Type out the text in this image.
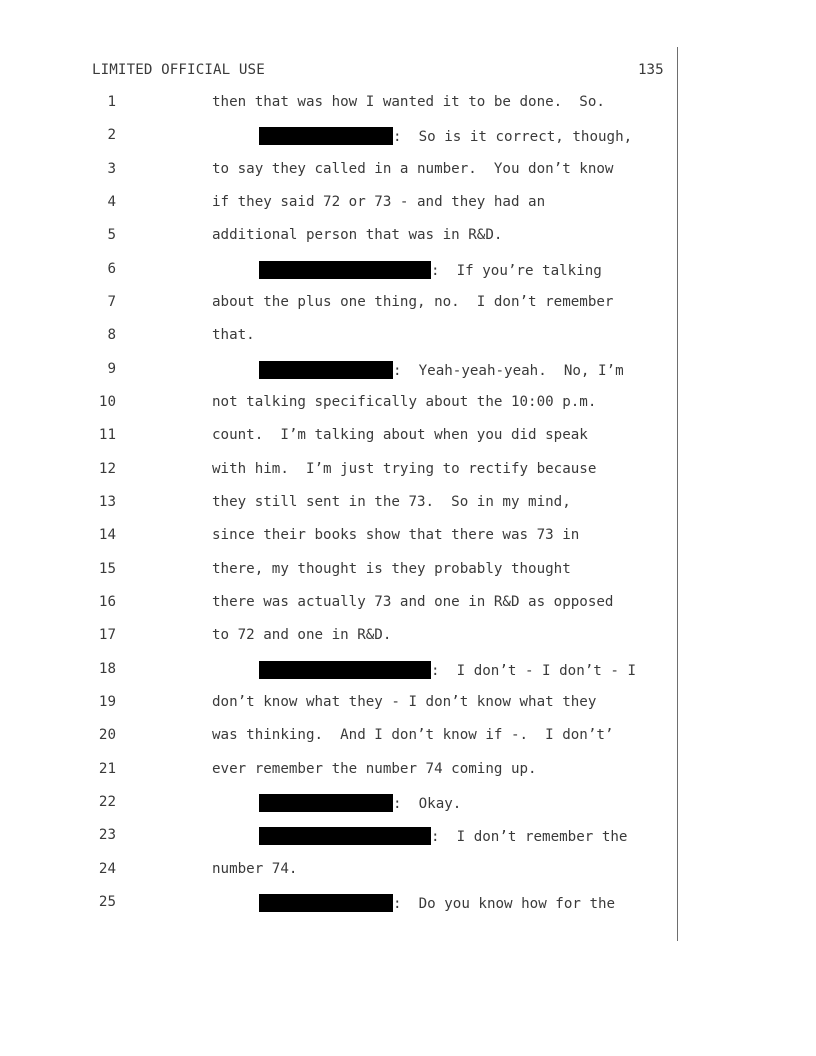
LIMITED OFFICIAL USE	135
1	then that was how I wanted it to be done.  So.
2	:  So is it correct, though,
3	to say they called in a number.  You don’t know
4	if they said 72 or 73 - and they had an
5	additional person that was in R&D.
6	:  If you’re talking
7	about the plus one thing, no.  I don’t remember
8	that.
9	:  Yeah-yeah-yeah.  No, I’m
10	not talking specifically about the 10:00 p.m.
11	count.  I’m talking about when you did speak
12	with him.  I’m just trying to rectify because
13	they still sent in the 73.  So in my mind,
14	since their books show that there was 73 in
15	there, my thought is they probably thought
16	there was actually 73 and one in R&D as opposed
17	to 72 and one in R&D.
18	:  I don’t - I don’t - I
19	don’t know what they - I don’t know what they
20	was thinking.  And I don’t know if -.  I don’t’
21	ever remember the number 74 coming up.
22	:  Okay.
23	:  I don’t remember the
24	number 74.
25	:  Do you know how for the
